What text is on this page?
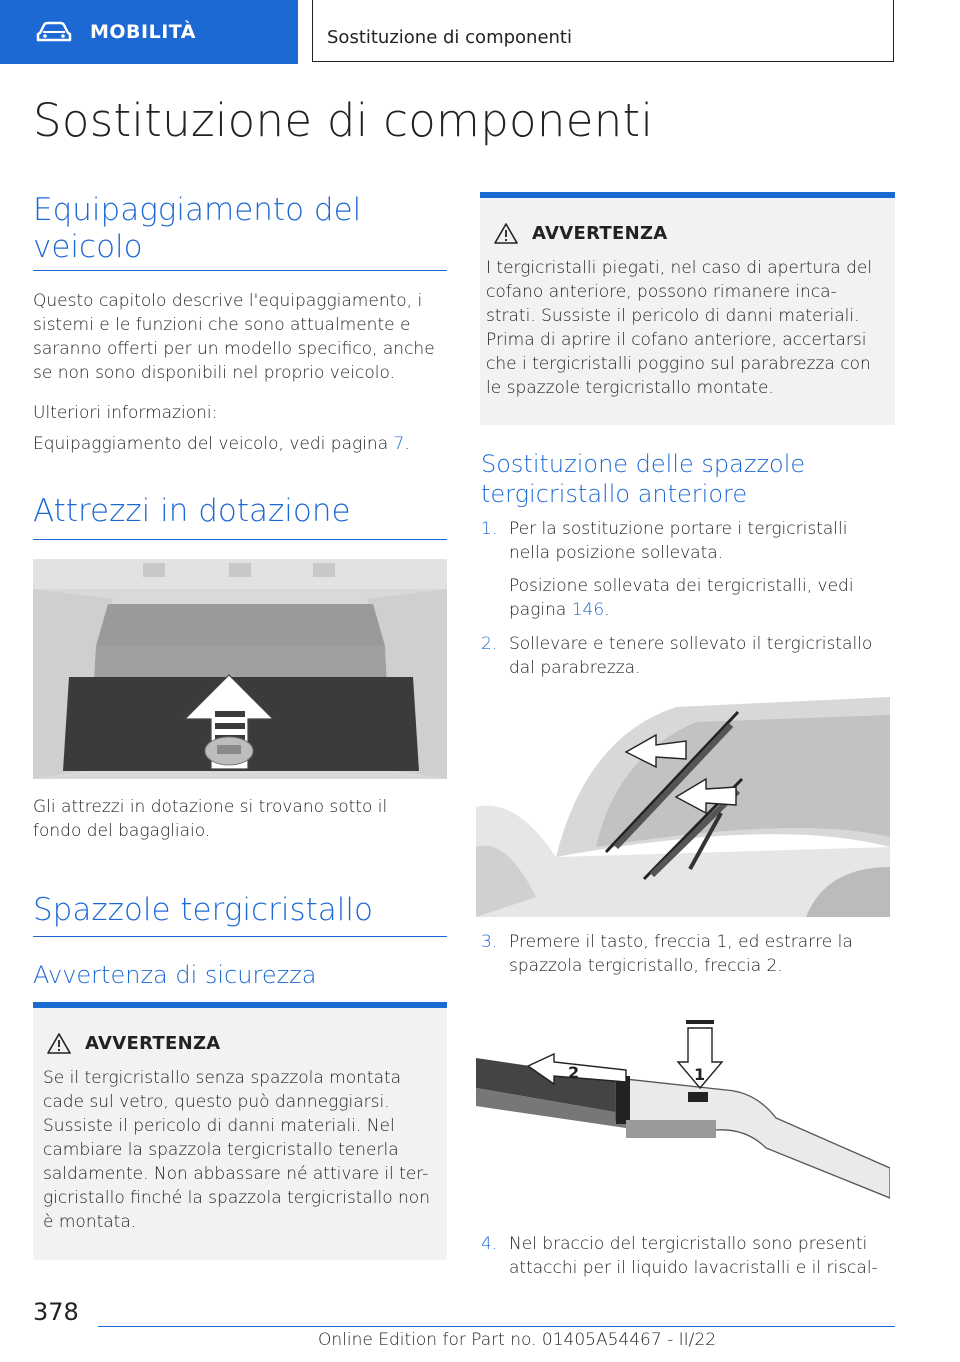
MOBILITÀ	Sostituzione di componenti
Sostituzione di componenti
Equipaggiamento del veicolo
Questo capitolo descrive l'equipaggiamento, i sistemi e le funzioni che sono attualmente e saranno offerti per un modello specifico, anche se non sono disponibili nel proprio veicolo.
Ulteriori informazioni:
Equipaggiamento del veicolo, vedi pagina 7.
Attrezzi in dotazione
Gli attrezzi in dotazione si trovano sotto il fondo del bagagliaio.
Spazzole tergicristallo
Avvertenza di sicurezza
AVVERTENZA
Se il tergicristallo senza spazzola montata cade sul vetro, questo può danneggiarsi. Sussiste il pericolo di danni materiali. Nel cambiare la spazzola tergicristallo tenerla saldamente. Non abbassare né attivare il ter- gicristallo finché la spazzola tergicristallo non è montata.
AVVERTENZA
I tergicristalli piegati, nel caso di apertura del cofano anteriore, possono rimanere inca- strati. Sussiste il pericolo di danni materiali. Prima di aprire il cofano anteriore, accertarsi che i tergicristalli poggino sul parabrezza con le spazzole tergicristallo montate.
Sostituzione delle spazzole tergicristallo anteriore
1. Per la sostituzione portare i tergicristalli nella posizione sollevata.
Posizione sollevata dei tergicristalli, vedi pagina 146.
2. Sollevare e tenere sollevato il tergicristallo dal parabrezza.
3. Premere il tasto, freccia 1, ed estrarre la spazzola tergicristallo, freccia 2.
2	1
4. Nel braccio del tergicristallo sono presenti attacchi per il liquido lavacristalli e il riscal-
378
Online Edition for Part no. 01405A54467 - II/22
